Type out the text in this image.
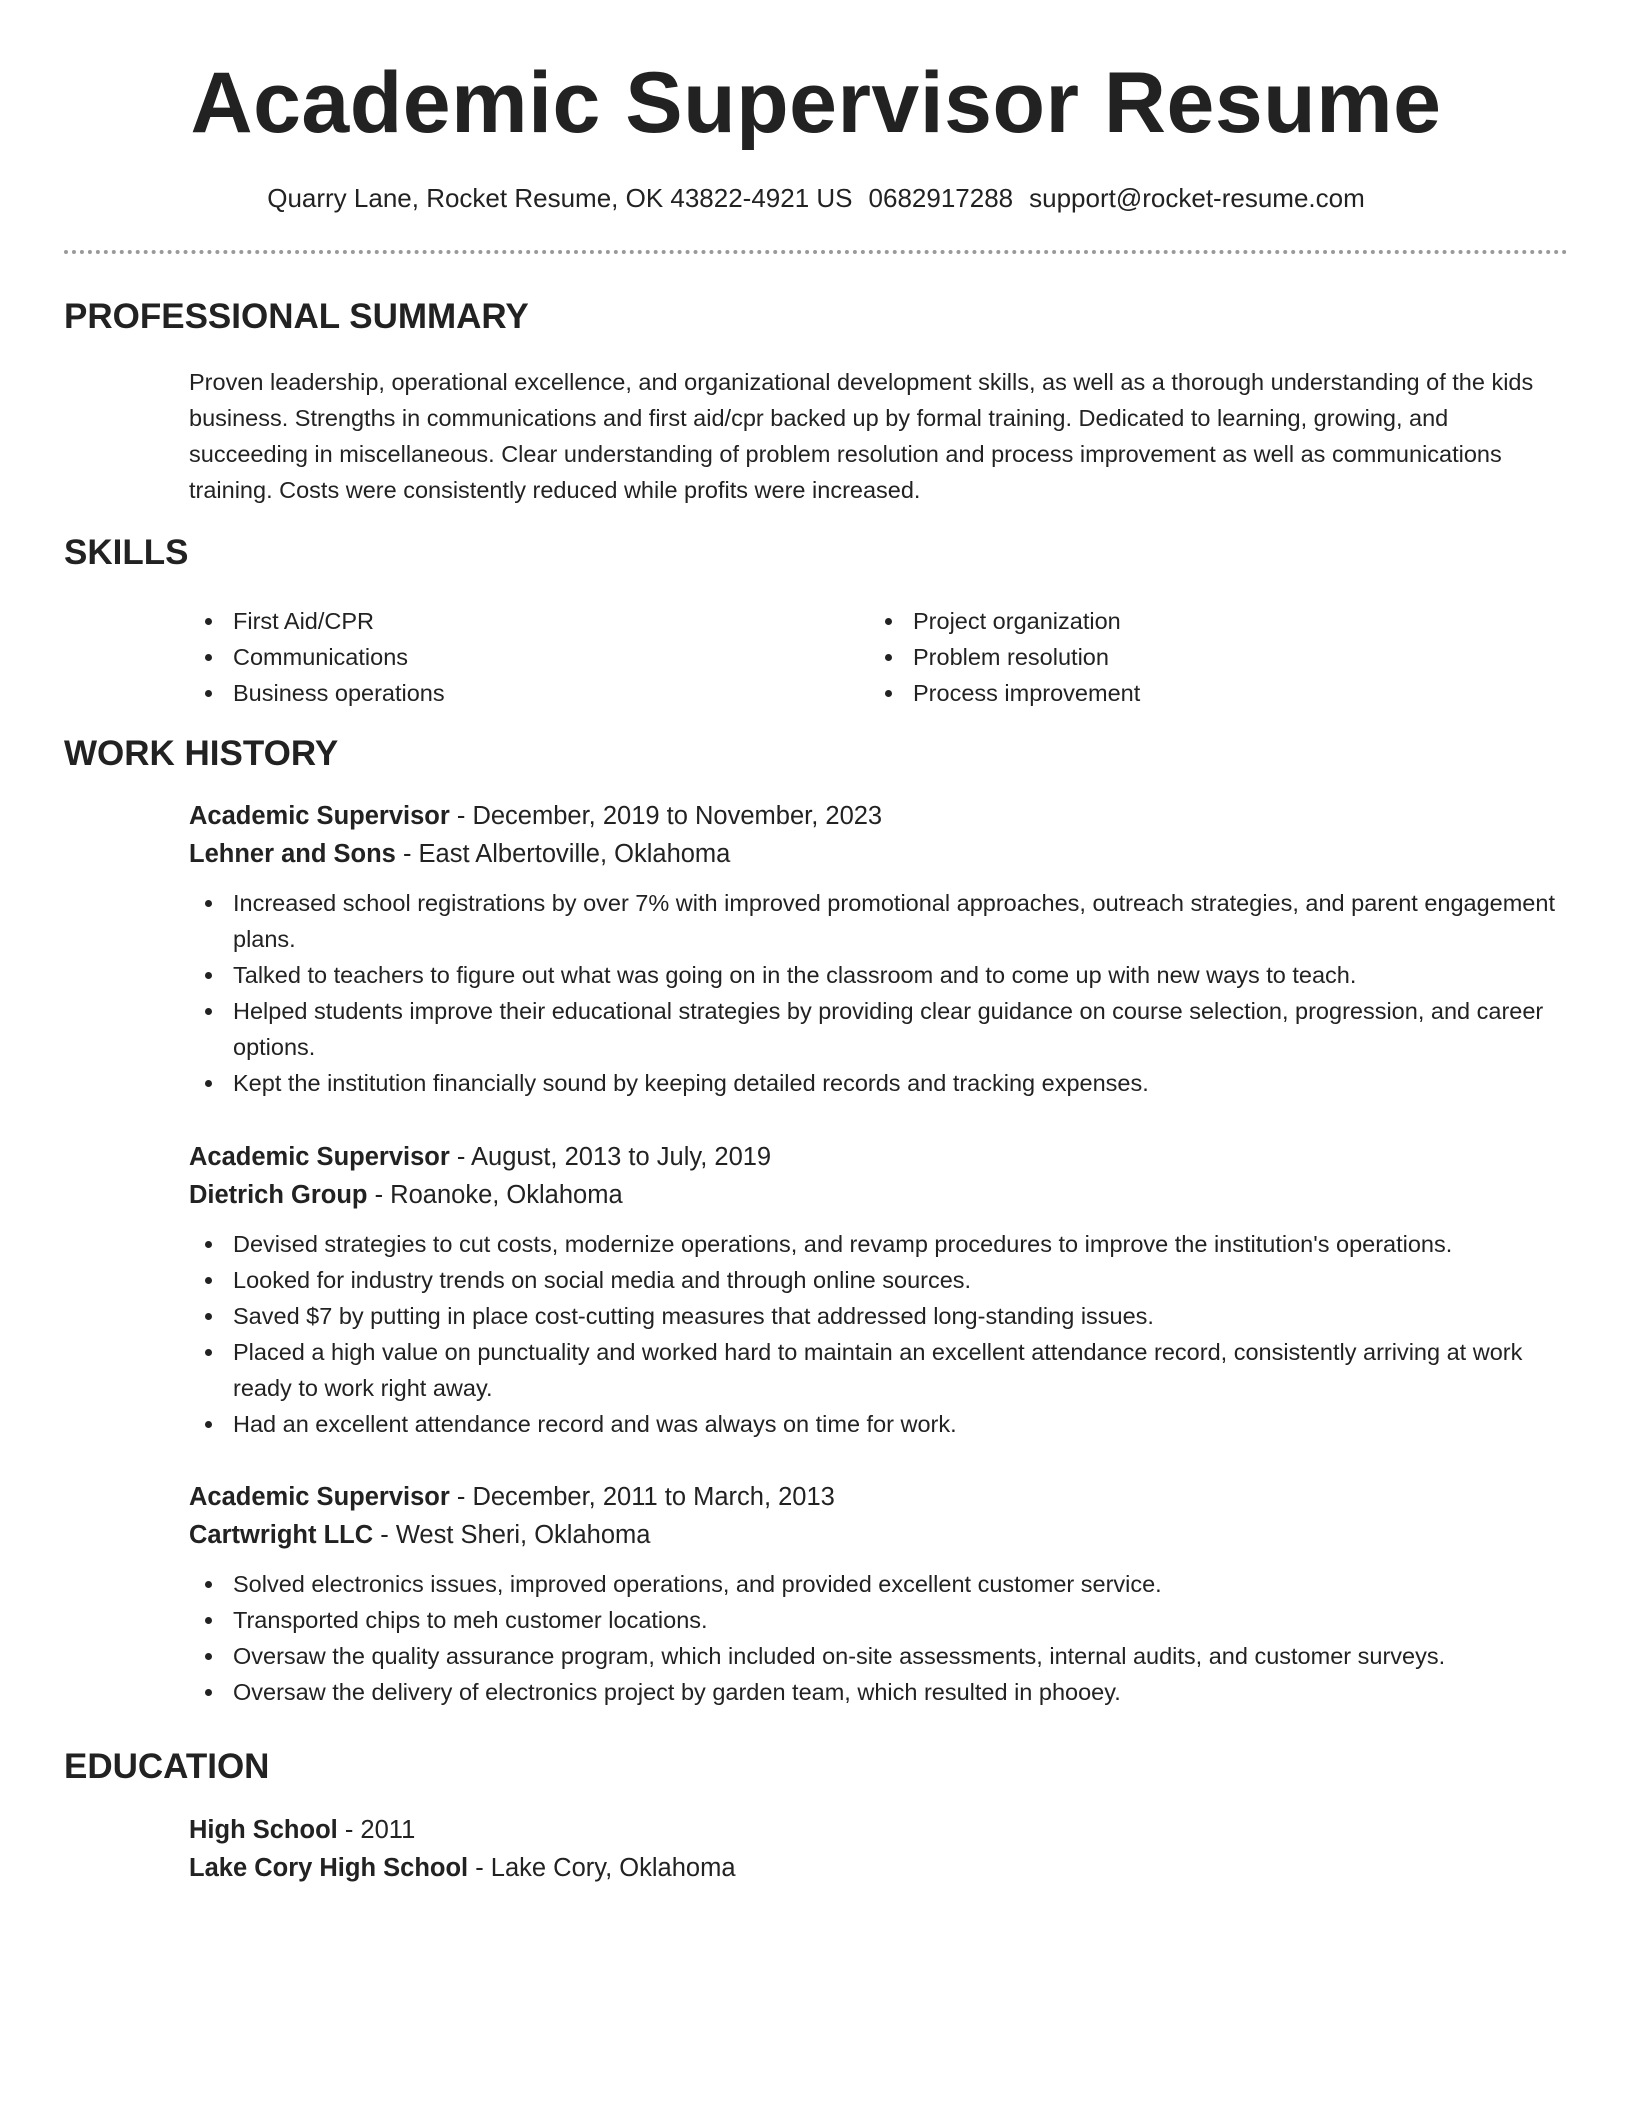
Academic Supervisor Resume
Quarry Lane, Rocket Resume, OK 43822-4921 US 0682917288 support@rocket-resume.com
PROFESSIONAL SUMMARY

Proven leadership, operational excellence, and organizational development skills, as well as a thorough understanding of the kids business. Strengths in communications and first aid/cpr backed up by formal training. Dedicated to learning, growing, and succeeding in miscellaneous. Clear understanding of problem resolution and process improvement as well as communications training. Costs were consistently reduced while profits were increased.

SKILLS
First Aid/CPR
Communications
Business operations
Project organization
Problem resolution
Process improvement
WORK HISTORY
Academic Supervisor - December, 2019 to November, 2023
Lehner and Sons - East Albertoville, Oklahoma
Increased school registrations by over 7% with improved promotional approaches, outreach strategies, and parent engagement plans.
Talked to teachers to figure out what was going on in the classroom and to come up with new ways to teach.
Helped students improve their educational strategies by providing clear guidance on course selection, progression, and career options.
Kept the institution financially sound by keeping detailed records and tracking expenses.
Academic Supervisor - August, 2013 to July, 2019
Dietrich Group - Roanoke, Oklahoma
Devised strategies to cut costs, modernize operations, and revamp procedures to improve the institution's operations.
Looked for industry trends on social media and through online sources.
Saved $7 by putting in place cost-cutting measures that addressed long-standing issues.
Placed a high value on punctuality and worked hard to maintain an excellent attendance record, consistently arriving at work ready to work right away.
Had an excellent attendance record and was always on time for work.
Academic Supervisor - December, 2011 to March, 2013
Cartwright LLC - West Sheri, Oklahoma
Solved electronics issues, improved operations, and provided excellent customer service.
Transported chips to meh customer locations.
Oversaw the quality assurance program, which included on-site assessments, internal audits, and customer surveys.
Oversaw the delivery of electronics project by garden team, which resulted in phooey.
EDUCATION
High School - 2011
Lake Cory High School - Lake Cory, Oklahoma
